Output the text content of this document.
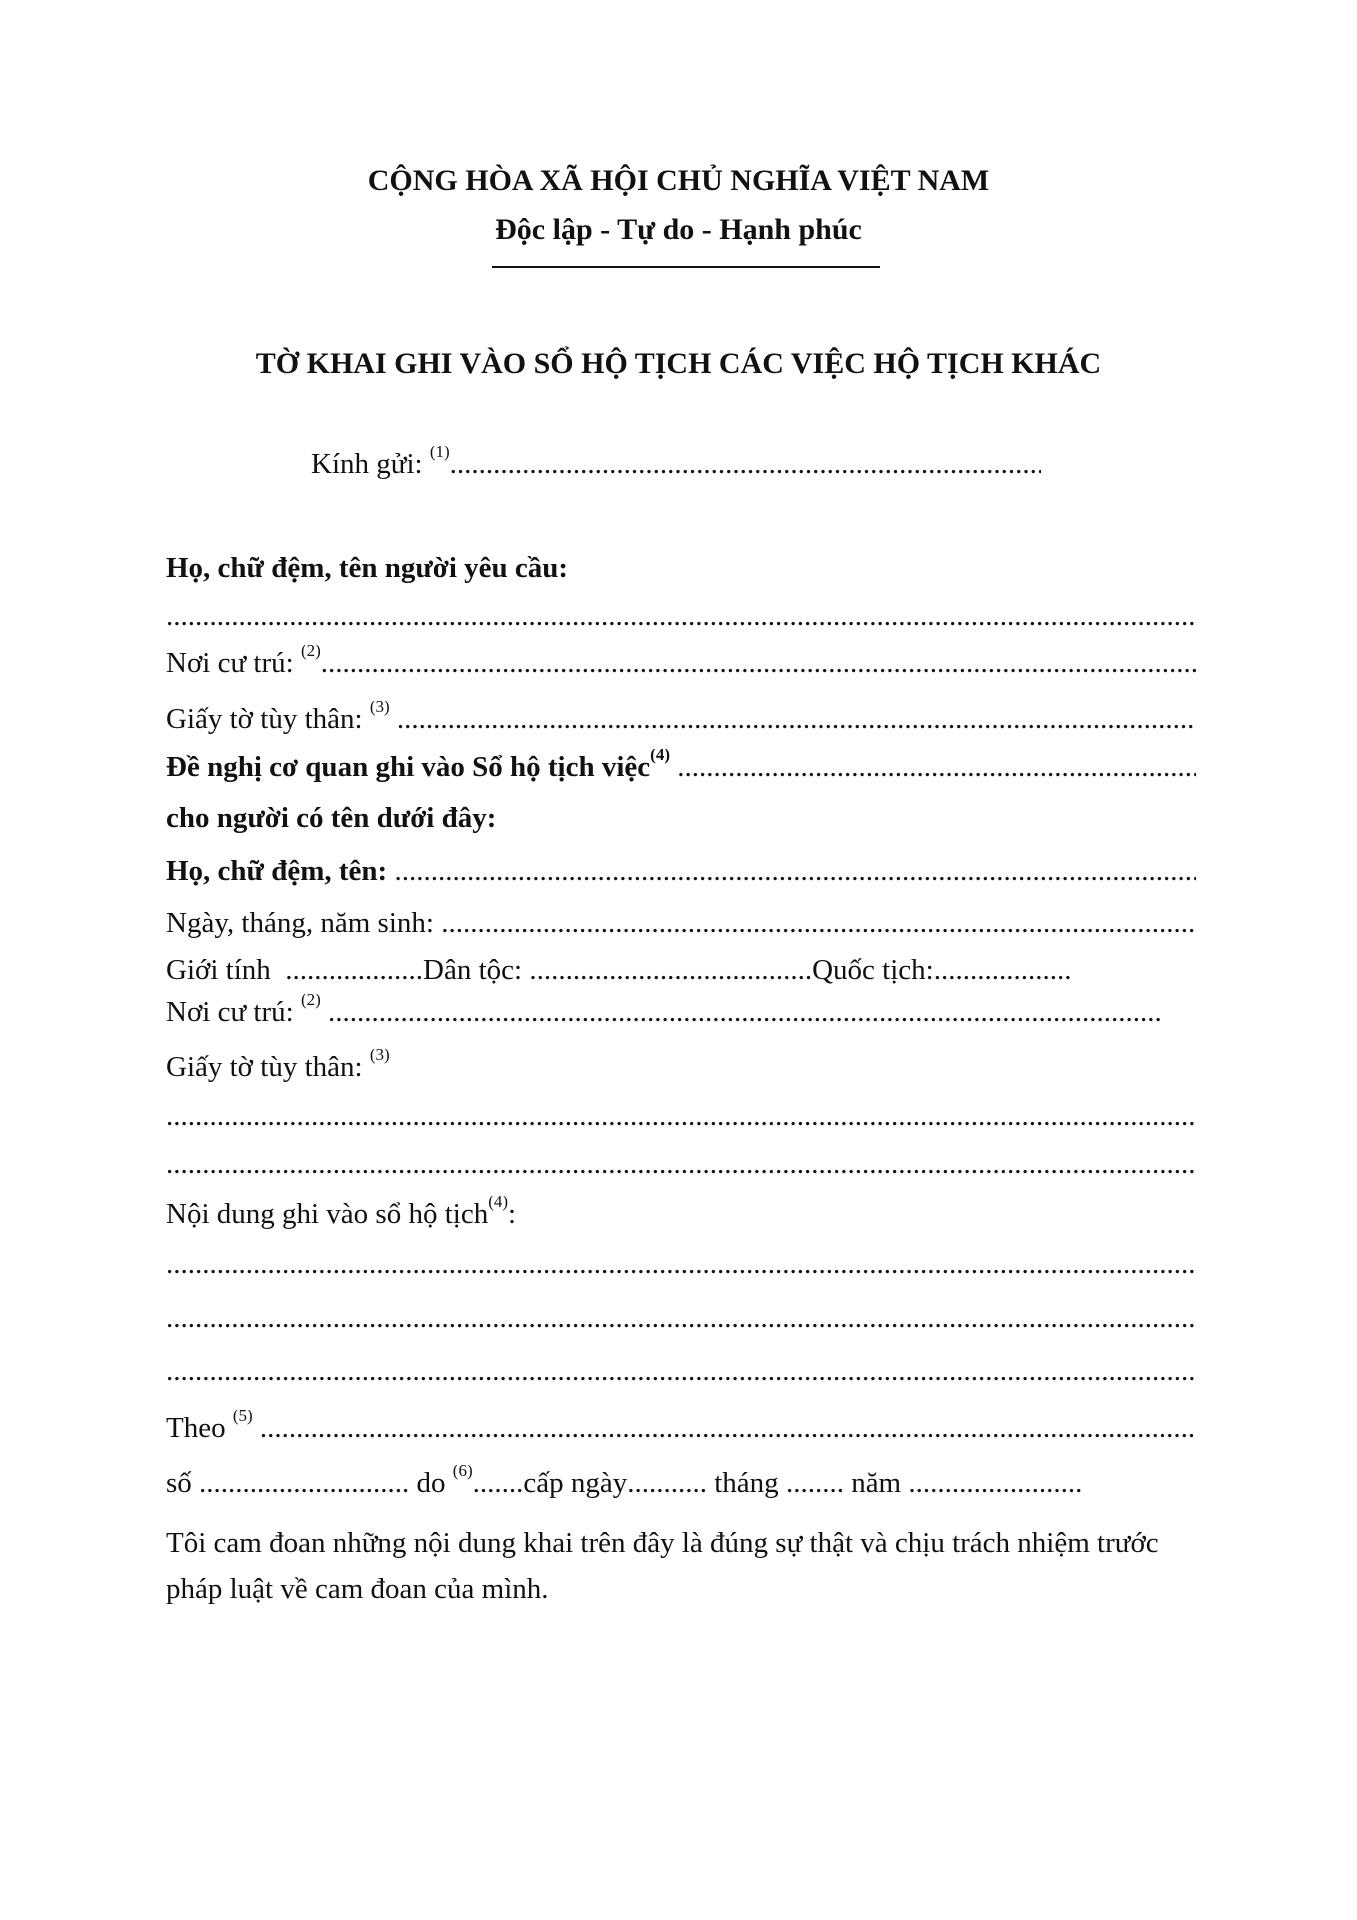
CỘNG HÒA XÃ HỘI CHỦ NGHĨA VIỆT NAM
Độc lập - Tự do - Hạnh phúc
TỜ KHAI GHI VÀO SỔ HỘ TỊCH CÁC VIỆC HỘ TỊCH KHÁC
Kính gửi:
$^{(1)}$
.....
Họ, chữ đệm, tên người yêu cầu:
.....
Nơi cư trú:
$^{(2)}$
.....
Giấy tờ tùy thân:
$^{(3)}$

.....
Đề nghị cơ quan ghi vào Sổ hộ tịch việc$^{(4)}$

.....
cho người có tên dưới đây:
Họ, chữ đệm, tên:

.....
Ngày, tháng, năm sinh:

.....
Giới tính
................... Dân tộc:
....................................... Quốc tịch: ...................
Nơi cư trú:
$^{(2)}$

.....
Giấy tờ tùy thân:
$^{(3)}$
.....
.....
Nội dung ghi vào sổ hộ tịch$^{(4)}$ :
.....
.....
.....
Theo
$^{(5)}$

.....
số
.............................
do
$^{(6)}$ ....... cấp ngày ...........
tháng
........
năm
........................
Tôi cam đoan những nội dung khai trên đây là đúng sự thật và chịu trách nhiệm trước pháp luật về cam đoan của mình.
